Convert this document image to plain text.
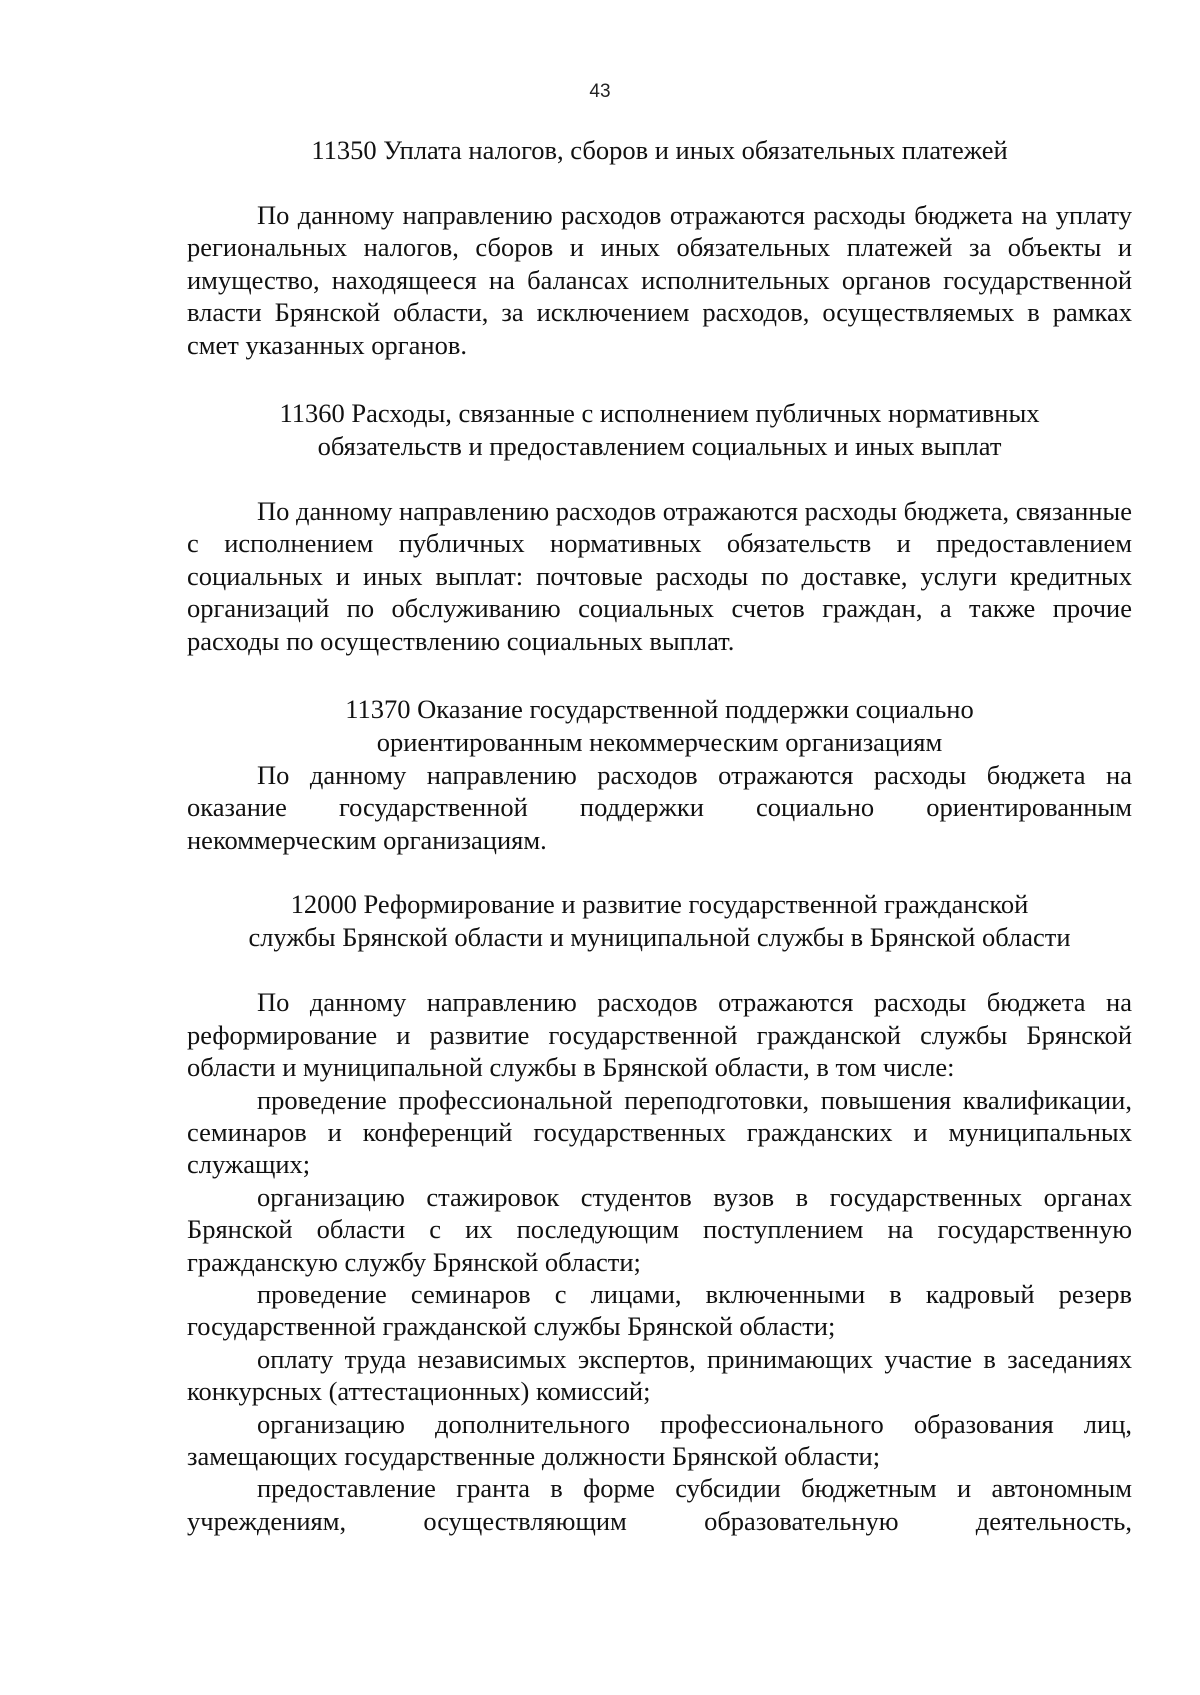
43
11350 Уплата налогов, сборов и иных обязательных платежей
По данному направлению расходов отражаются расходы бюджета на уплату региональных налогов, сборов и иных обязательных платежей за объекты и имущество, находящееся на балансах исполнительных органов государственной власти Брянской области, за исключением расходов, осуществляемых в рамках смет указанных органов.
11360 Расходы, связанные с исполнением публичных нормативных
обязательств и предоставлением социальных и иных выплат
По данному направлению расходов отражаются расходы бюджета, связанные с исполнением публичных нормативных обязательств и предоставлением социальных и иных выплат: почтовые расходы по доставке, услуги кредитных организаций по обслуживанию социальных счетов граждан, а также прочие расходы по осуществлению социальных выплат.
11370 Оказание государственной поддержки социально
ориентированным некоммерческим организациям
По данному направлению расходов отражаются расходы бюджета на оказание государственной поддержки социально ориентированным некоммерческим организациям.
12000 Реформирование и развитие государственной гражданской
службы Брянской области и муниципальной службы в Брянской области
По данному направлению расходов отражаются расходы бюджета на реформирование и развитие государственной гражданской службы Брянской области и муниципальной службы в Брянской области, в том числе:
проведение профессиональной переподготовки, повышения квалификации, семинаров и конференций государственных гражданских и муниципальных служащих;
организацию стажировок студентов вузов в государственных органах Брянской области с их последующим поступлением на государственную гражданскую службу Брянской области;
проведение семинаров с лицами, включенными в кадровый резерв государственной гражданской службы Брянской области;
оплату труда независимых экспертов, принимающих участие в заседаниях конкурсных (аттестационных) комиссий;
организацию дополнительного профессионального образования лиц, замещающих государственные должности Брянской области;
предоставление гранта в форме субсидии бюджетным и автономным учреждениям, осуществляющим образовательную деятельность,
